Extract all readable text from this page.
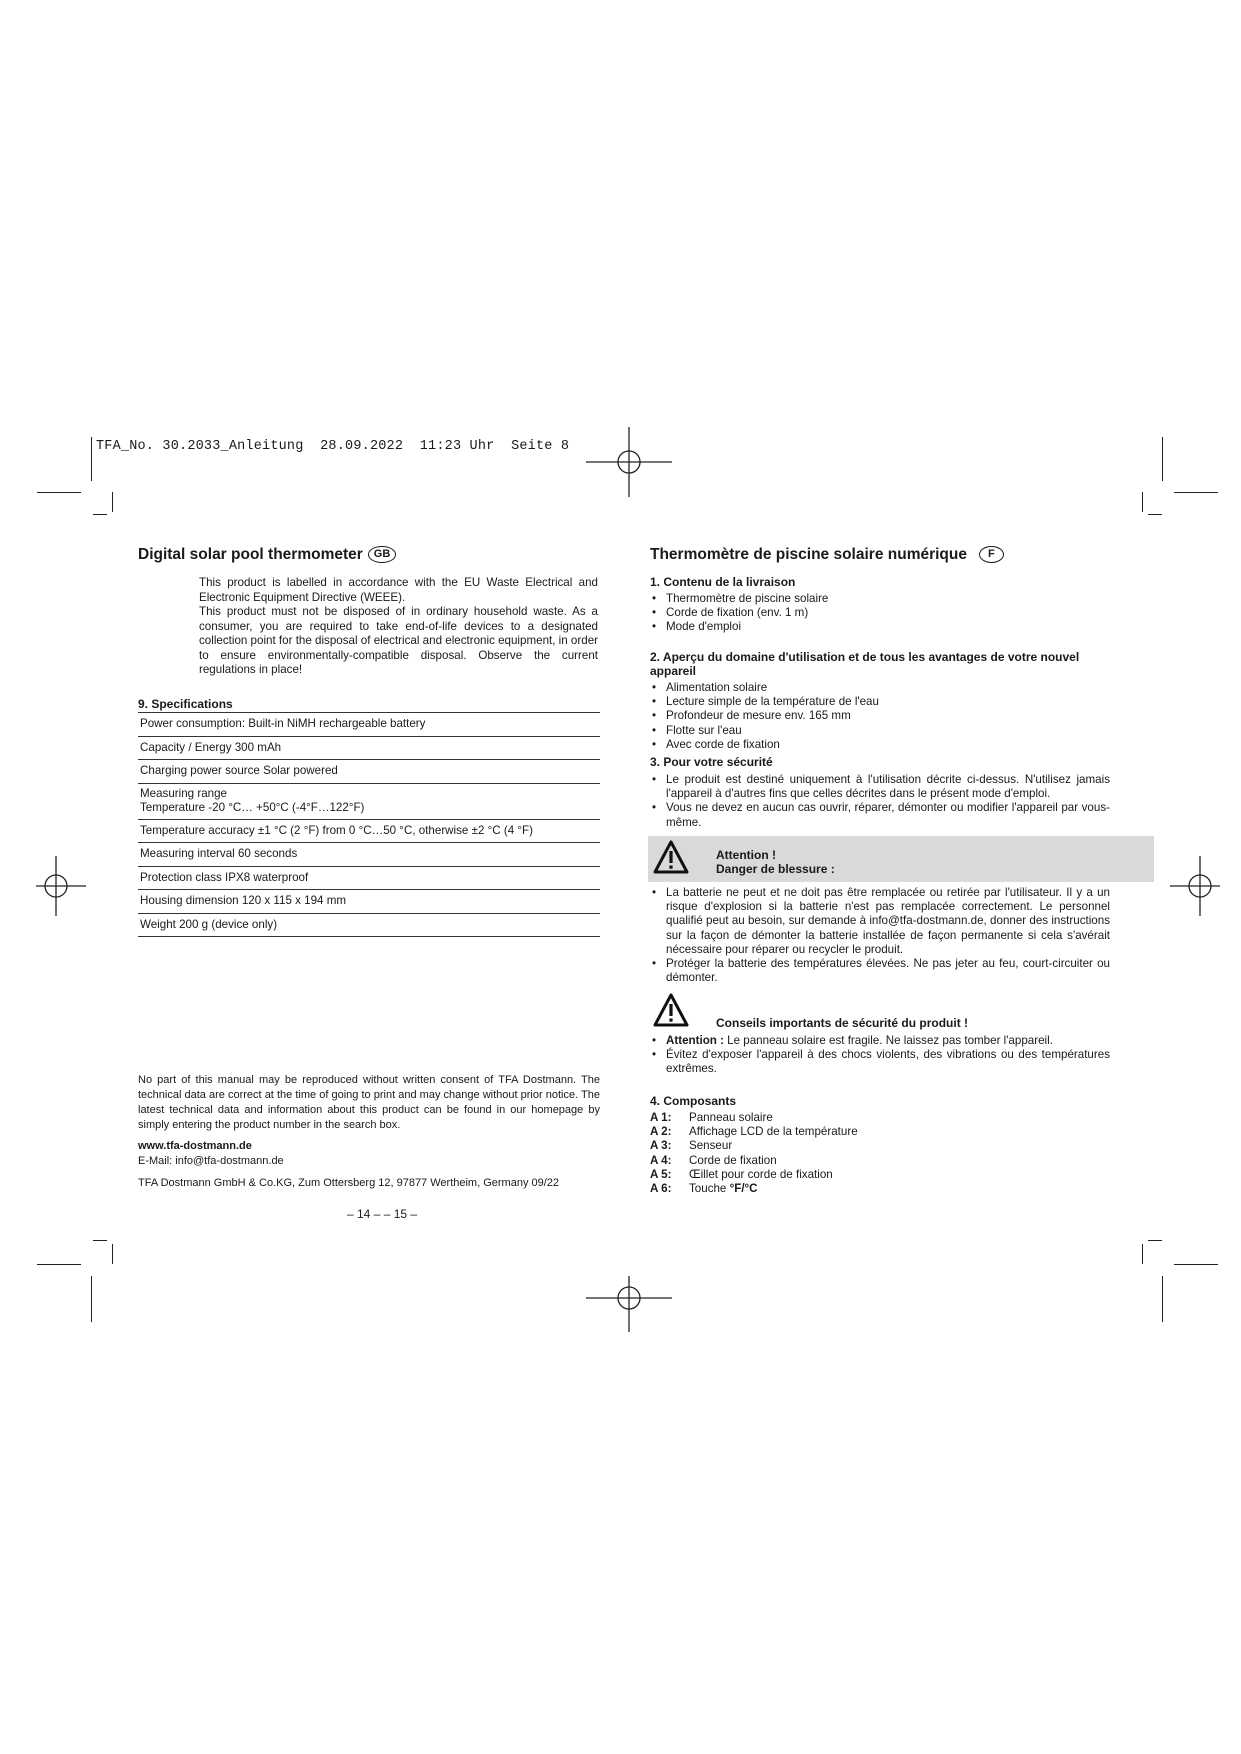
TFA_No. 30.2033_Anleitung  28.09.2022  11:23 Uhr  Seite 8
Digital solar pool thermometer GB
This product is labelled in accordance with the EU Waste Electrical and Electronic Equipment Directive (WEEE).
This product must not be disposed of in ordinary household waste. As a consumer, you are required to take end-of-life devices to a designated collection point for the disposal of electrical and electronic equipment, in order to ensure environmentally-compatible disposal. Observe the current regulations in place!
9. Specifications
Power consumption: Built-in NiMH rechargeable battery
Capacity / Energy 300 mAh
Charging power source Solar powered

Measuring range
Temperature -20 °C… +50°C (-4°F…122°F)

Temperature accuracy ±1 °C (2 °F) from 0 °C…50 °C, otherwise ±2 °C (4 °F)
Measuring interval 60 seconds
Protection class IPX8 waterproof
Housing dimension 120 x 115 x 194 mm
Weight 200 g (device only)
No part of this manual may be reproduced without written consent of TFA Dostmann. The technical data are correct at the time of going to print and may change without prior notice. The latest technical data and information about this product can be found in our homepage by simply entering the product number in the search box.
www.tfa-dostmann.de
E-Mail: info@tfa-dostmann.de
TFA Dostmann GmbH & Co.KG, Zum Ottersberg 12, 97877 Wertheim, Germany 09/22
– 14 – – 15 –
Thermomètre de piscine solaire numérique F
1. Contenu de la livraison
• Thermomètre de piscine solaire
• Corde de fixation (env. 1 m)
• Mode d'emploi
2. Aperçu du domaine d'utilisation et de tous les avantages de votre nouvel appareil
• Alimentation solaire
• Lecture simple de la température de l'eau
• Profondeur de mesure env. 165 mm
• Flotte sur l'eau
• Avec corde de fixation
3. Pour votre sécurité
• Le produit est destiné uniquement à l'utilisation décrite ci-dessus. N'utilisez jamais l'appareil à d'autres fins que celles décrites dans le présent mode d'emploi.
• Vous ne devez en aucun cas ouvrir, réparer, démonter ou modifier l'appareil par vous-même.
Attention !
Danger de blessure :
• La batterie ne peut et ne doit pas être remplacée ou retirée par l'utilisateur. Il y a un risque d'explosion si la batterie n'est pas remplacée correctement. Le personnel qualifié peut au besoin, sur demande à info@tfa-dostmann.de, donner des instructions sur la façon de démonter la batterie installée de façon permanente si cela s'avérait nécessaire pour réparer ou recycler le produit.
• Protéger la batterie des températures élevées. Ne pas jeter au feu, court-circuiter ou démonter.
Conseils importants de sécurité du produit !
• Attention : Le panneau solaire est fragile. Ne laissez pas tomber l'appareil.
• Évitez d'exposer l'appareil à des chocs violents, des vibrations ou des températures extrêmes.
4. Composants
A 1: Panneau solaire
A 2: Affichage LCD de la température
A 3: Senseur
A 4: Corde de fixation
A 5: Œillet pour corde de fixation
A 6: Touche °F/°C
